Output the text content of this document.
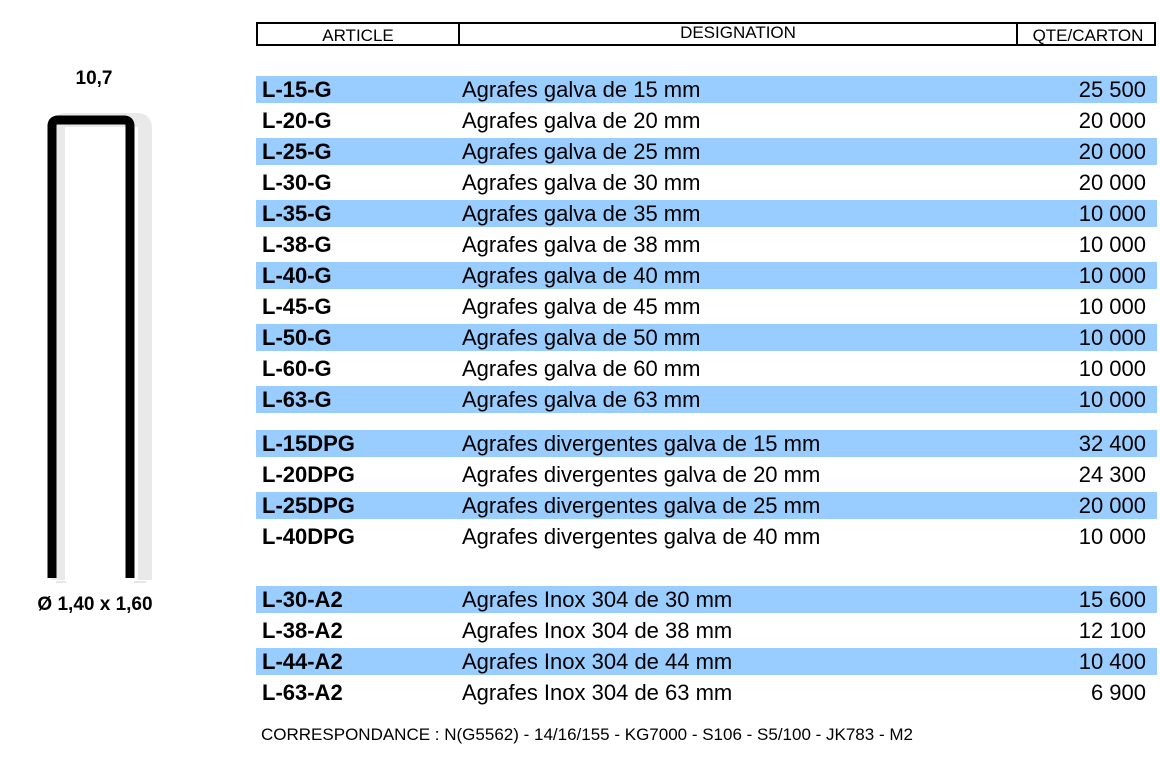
10,7
Ø 1,40 x 1,60
ARTICLE	DESIGNATION	QTE/CARTON
L-15-G	Agrafes galva de 15 mm	25 500
L-20-G	Agrafes galva de 20 mm	20 000
L-25-G	Agrafes galva de 25 mm	20 000
L-30-G	Agrafes galva de 30 mm	20 000
L-35-G	Agrafes galva de 35 mm	10 000
L-38-G	Agrafes galva de 38 mm	10 000
L-40-G	Agrafes galva de 40 mm	10 000
L-45-G	Agrafes galva de 45 mm	10 000
L-50-G	Agrafes galva de 50 mm	10 000
L-60-G	Agrafes galva de 60 mm	10 000
L-63-G	Agrafes galva de 63 mm	10 000
L-15DPG	Agrafes divergentes galva de 15 mm	32 400
L-20DPG	Agrafes divergentes galva de 20 mm	24 300
L-25DPG	Agrafes divergentes galva de 25 mm	20 000
L-40DPG	Agrafes divergentes galva de 40 mm	10 000
L-30-A2	Agrafes Inox 304 de 30 mm	15 600
L-38-A2	Agrafes Inox 304 de 38 mm	12 100
L-44-A2	Agrafes Inox 304 de 44 mm	10 400
L-63-A2	Agrafes Inox 304 de 63 mm	6 900
CORRESPONDANCE : N(G5562) - 14/16/155 - KG7000 - S106 - S5/100 - JK783 - M2
